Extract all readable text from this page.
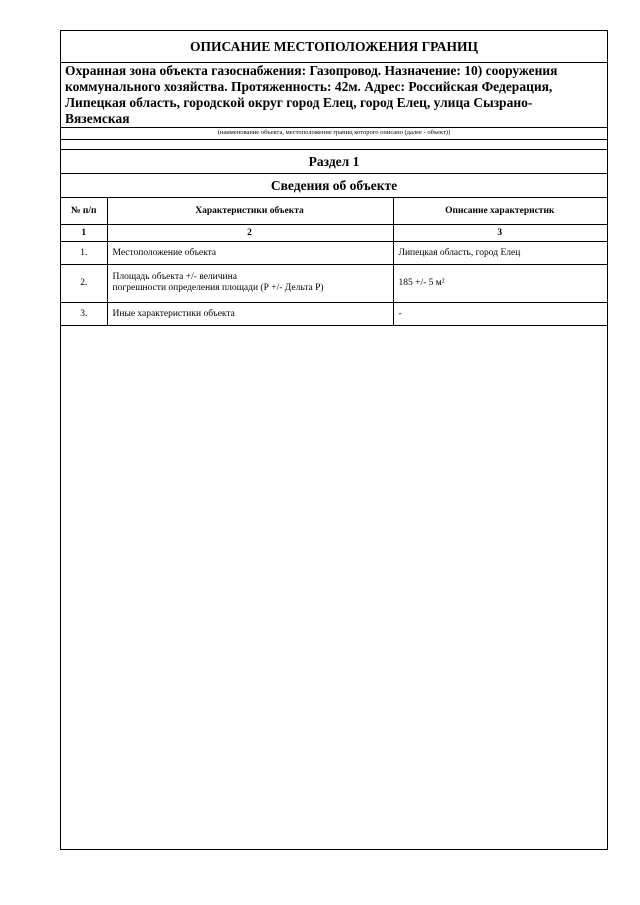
ОПИСАНИЕ МЕСТОПОЛОЖЕНИЯ ГРАНИЦ
Охранная зона объекта газоснабжения: Газопровод. Назначение: 10) сооружения
коммунального хозяйства. Протяженность: 42м. Адрес: Российская Федерация,
Липецкая область, городской округ город Елец, город Елец, улица Сызрано-
Вяземская
(наименование объекта, местоположение границ которого описано (далее - объект))
Раздел 1
Сведения об объекте
№ п/п	Характеристики объекта	Описание характеристик
1	2	3
1.	Местоположение объекта	Липецкая область, город Елец
2.	Площадь объекта +/- величина
погрешности определения площади (Р +/- Дельта Р)	185 +/- 5 м²
3.	Иные характеристики объекта	-
